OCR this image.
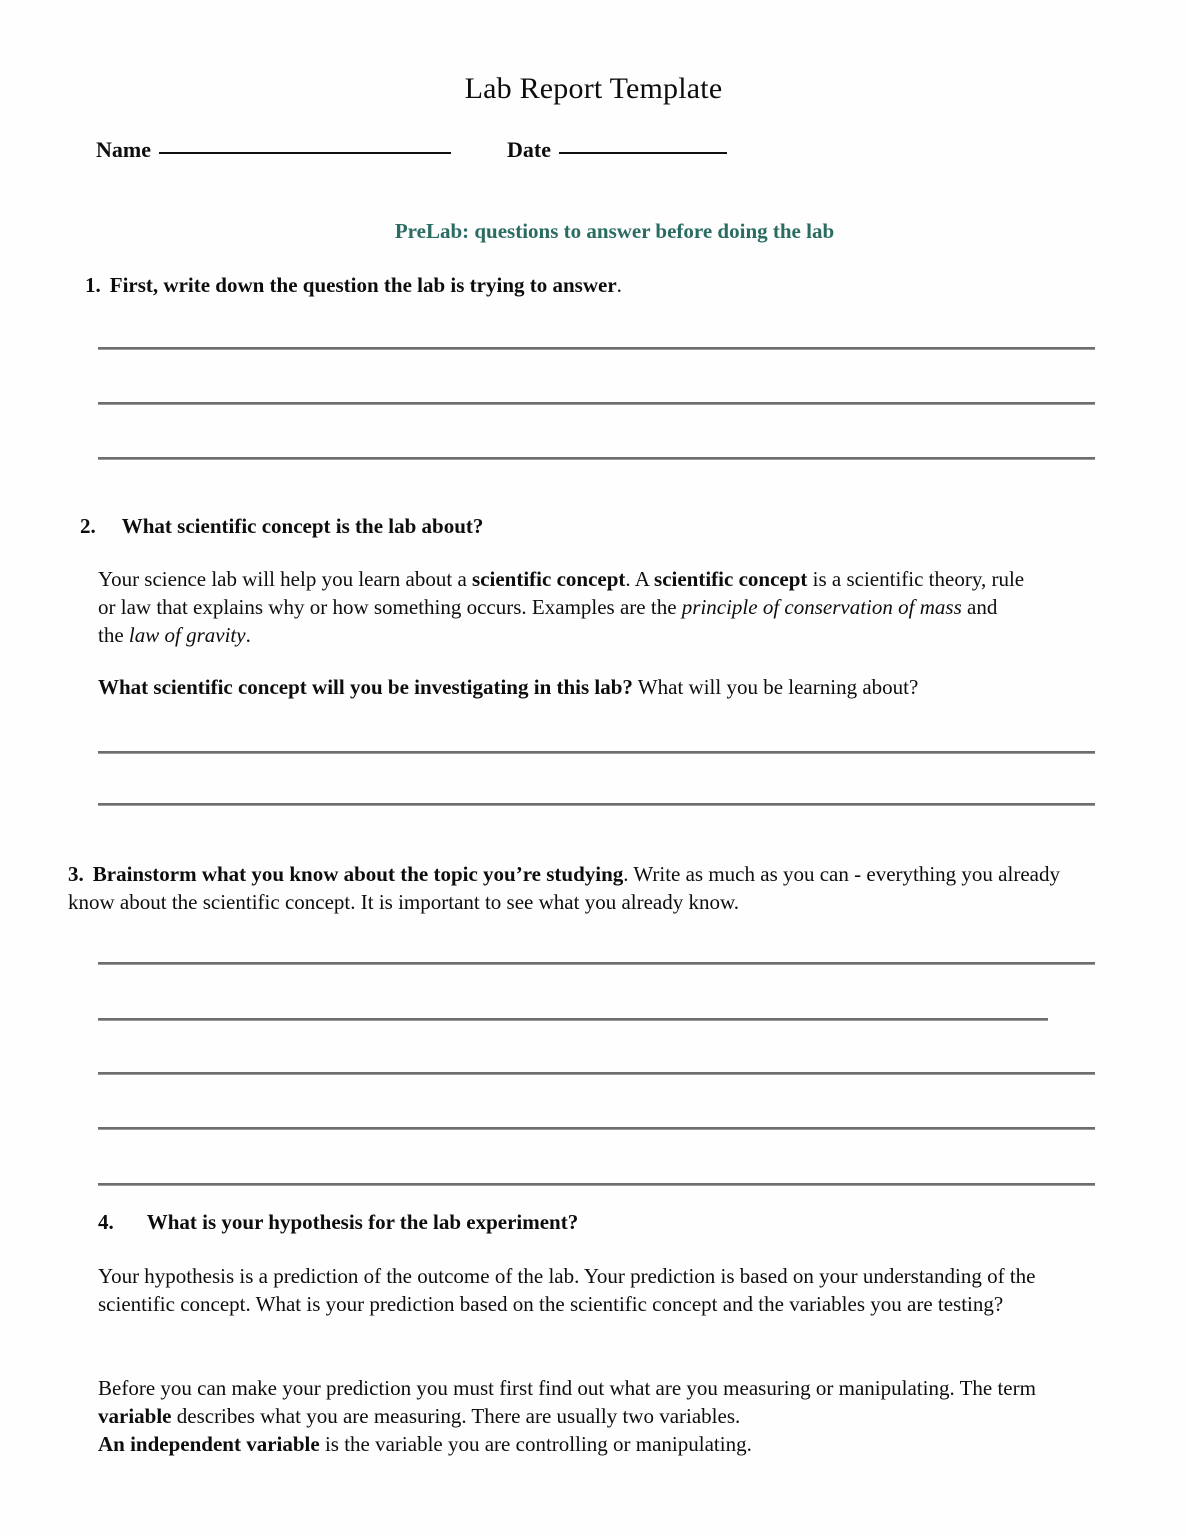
Lab Report Template
Name	Date
PreLab: questions to answer before doing the lab
1. First, write down the question the lab is trying to answer.
2. What scientific concept is the lab about?
Your science lab will help you learn about a scientific concept. A scientific concept is a scientific theory, rule or law that explains why or how something occurs. Examples are the principle of conservation of mass and the law of gravity.
What scientific concept will you be investigating in this lab? What will you be learning about?
3. Brainstorm what you know about the topic you’re studying. Write as much as you can - everything you already know about the scientific concept. It is important to see what you already know.
4. What is your hypothesis for the lab experiment?
Your hypothesis is a prediction of the outcome of the lab. Your prediction is based on your understanding of the scientific concept. What is your prediction based on the scientific concept and the variables you are testing?
Before you can make your prediction you must first find out what are you measuring or manipulating. The term variable describes what you are measuring. There are usually two variables.
An independent variable is the variable you are controlling or manipulating.
